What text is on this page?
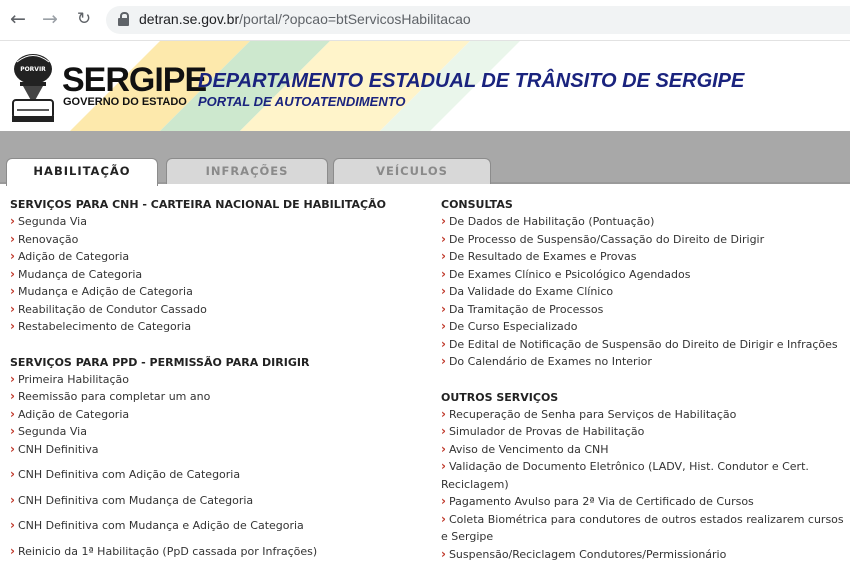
← → ↻	detran.se.gov.br/portal/?opcao=btServicosHabilitacao
PORVIR SERGIPE
GOVERNO DO ESTADO
DEPARTAMENTO ESTADUAL DE TRÂNSITO DE SERGIPE
PORTAL DE AUTOATENDIMENTO
HABILITAÇÃO	INFRAÇÕES	VEÍCULOS
SERVIÇOS PARA CNH - CARTEIRA NACIONAL DE HABILITAÇÃO
› Segunda Via
› Renovação
› Adição de Categoria
› Mudança de Categoria
› Mudança e Adição de Categoria
› Reabilitação de Condutor Cassado
› Restabelecimento de Categoria
SERVIÇOS PARA PPD - PERMISSÃO PARA DIRIGIR
› Primeira Habilitação
› Reemissão para completar um ano
› Adição de Categoria
› Segunda Via
› CNH Definitiva
› CNH Definitiva com Adição de Categoria
› CNH Definitiva com Mudança de Categoria
› CNH Definitiva com Mudança e Adição de Categoria
› Reinicio da 1ª Habilitação (PpD cassada por Infrações)
CONSULTAS
› De Dados de Habilitação (Pontuação)
› De Processo de Suspensão/Cassação do Direito de Dirigir
› De Resultado de Exames e Provas
› De Exames Clínico e Psicológico Agendados
› Da Validade do Exame Clínico
› Da Tramitação de Processos
› De Curso Especializado
› De Edital de Notificação de Suspensão do Direito de Dirigir e Infrações
› Do Calendário de Exames no Interior
OUTROS SERVIÇOS
› Recuperação de Senha para Serviços de Habilitação
› Simulador de Provas de Habilitação
› Aviso de Vencimento da CNH
› Validação de Documento Eletrônico (LADV, Hist. Condutor e Cert. Reciclagem)
› Pagamento Avulso para 2ª Via de Certificado de Cursos
› Coleta Biométrica para condutores de outros estados realizarem cursos e Sergipe
› Suspensão/Reciclagem Condutores/Permissionário
